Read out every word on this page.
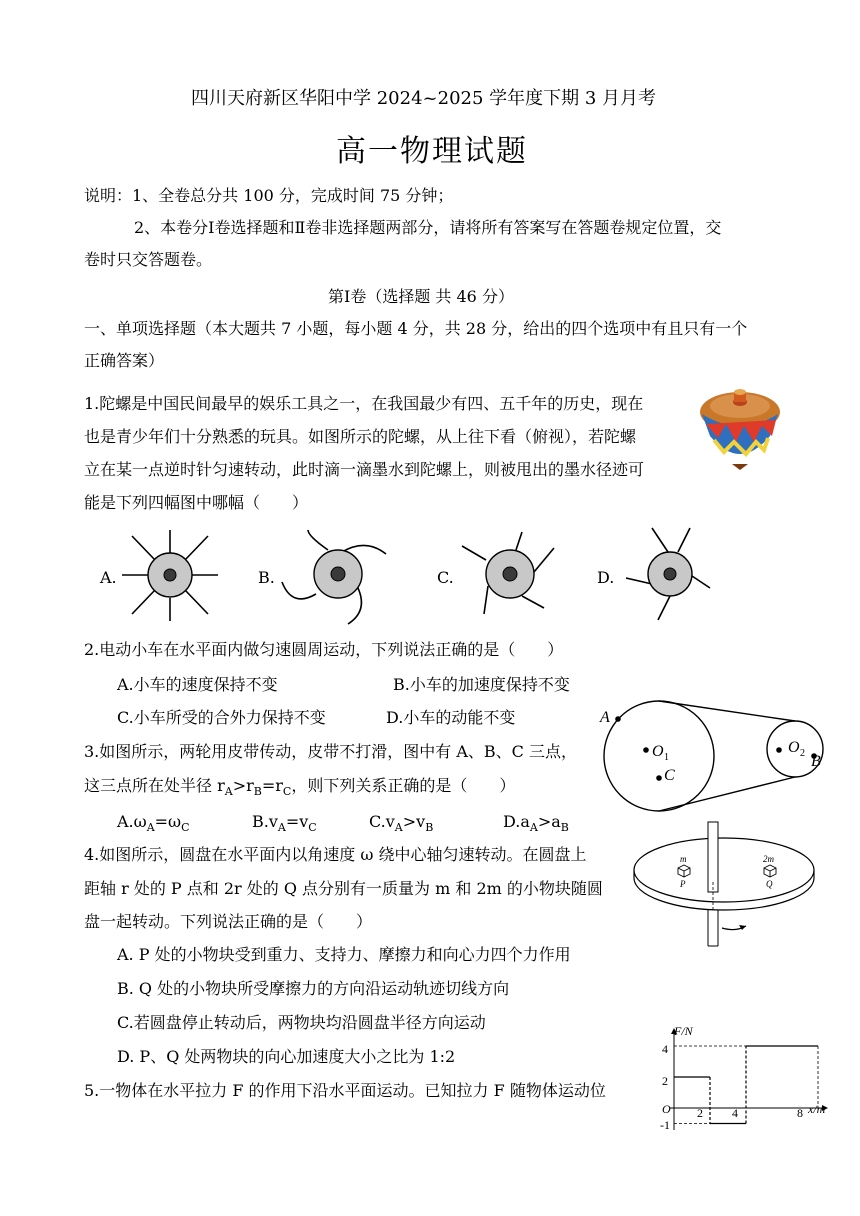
四川天府新区华阳中学 2024~2025 学年度下期 3 月月考
高一物理试题
说明：1、全卷总分共 100 分，完成时间 75 分钟；
2、本卷分Ⅰ卷选择题和Ⅱ卷非选择题两部分，请将所有答案写在答题卷规定位置，交
卷时只交答题卷。
第Ⅰ卷（选择题 共 46 分）
一、单项选择题（本大题共 7 小题，每小题 4 分，共 28 分，给出的四个选项中有且只有一个
正确答案）
1.陀螺是中国民间最早的娱乐工具之一，在我国最少有四、五千年的历史，现在
也是青少年们十分熟悉的玩具。如图所示的陀螺，从上往下看（俯视），若陀螺
立在某一点逆时针匀速转动，此时滴一滴墨水到陀螺上，则被甩出的墨水径迹可
能是下列四幅图中哪幅（　　）
A.	B.	C.	D.
2.电动小车在水平面内做匀速圆周运动，下列说法正确的是（　　）
A.小车的速度保持不变	B.小车的加速度保持不变
C.小车所受的合外力保持不变	D.小车的动能不变
3.如图所示，两轮用皮带传动，皮带不打滑，图中有 A、B、C 三点，
这三点所在处半径 $r_A>r_B=r_C$，则下列关系正确的是（　　）
$A.\omega_A=\omega_C$	$B.v_A=v_C$	$C.v_A>v_B$	$D.a_A>a_B$
A
O 1
C
O 2 B
4.如图所示，圆盘在水平面内以角速度 ω 绕中心轴匀速转动。在圆盘上
距轴 r 处的 P 点和 2r 处的 Q 点分别有一质量为 m 和 2m 的小物块随圆
盘一起转动。下列说法正确的是（　　）
A. P 处的小物块受到重力、支持力、摩擦力和向心力四个力作用
B. Q 处的小物块所受摩擦力的方向沿运动轨迹切线方向
C.若圆盘停止转动后，两物块均沿圆盘半径方向运动
D. P、Q 处两物块的向心加速度大小之比为 1:2
m	2m
P	Q
5.一物体在水平拉力 F 的作用下沿水平面运动。已知拉力 F 随物体运动位
F/N
x/m
O
4
2
-1
2 4	8
